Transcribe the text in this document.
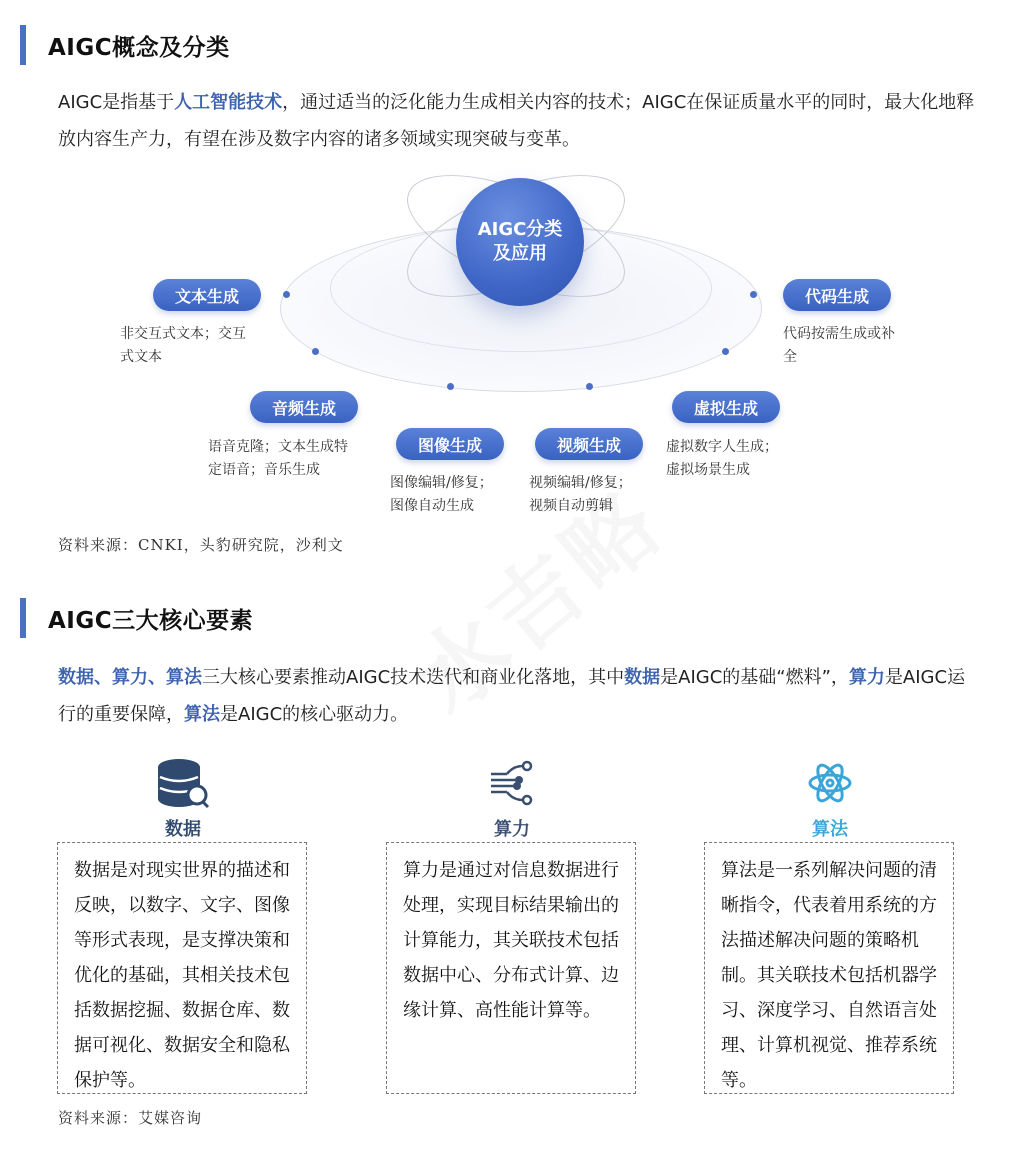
AIGC概念及分类
AIGC是指基于人工智能技术，通过适当的泛化能力生成相关内容的技术；AIGC在保证质量水平的同时，最大化地释放内容生产力，有望在涉及数字内容的诸多领域实现突破与变革。
AIGC分类
及应用
文本生成
非交互式文本；交互
式文本
音频生成
语音克隆；文本生成特
定语音；音乐生成
图像生成
图像编辑/修复；
图像自动生成
视频生成
视频编辑/修复；
视频自动剪辑
虚拟生成
虚拟数字人生成；
虚拟场景生成
代码生成
代码按需生成或补
全
资料来源：CNKI，头豹研究院，沙利文
AIGC三大核心要素
数据、算力、算法三大核心要素推动AIGC技术迭代和商业化落地，其中数据是AIGC的基础“燃料”，算力是AIGC运行的重要保障，算法是AIGC的核心驱动力。
数据
数据是对现实世界的描述和反映，以数字、文字、图像等形式表现，是支撑决策和优化的基础，其相关技术包括数据挖掘、数据仓库、数据可视化、数据安全和隐私保护等。
算力
算力是通过对信息数据进行处理，实现目标结果输出的计算能力，其关联技术包括数据中心、分布式计算、边缘计算、高性能计算等。
算法
算法是一系列解决问题的清晰指令，代表着用系统的方法描述解决问题的策略机制。其关联技术包括机器学习、深度学习、自然语言处理、计算机视觉、推荐系统等。
资料来源：艾媒咨询
